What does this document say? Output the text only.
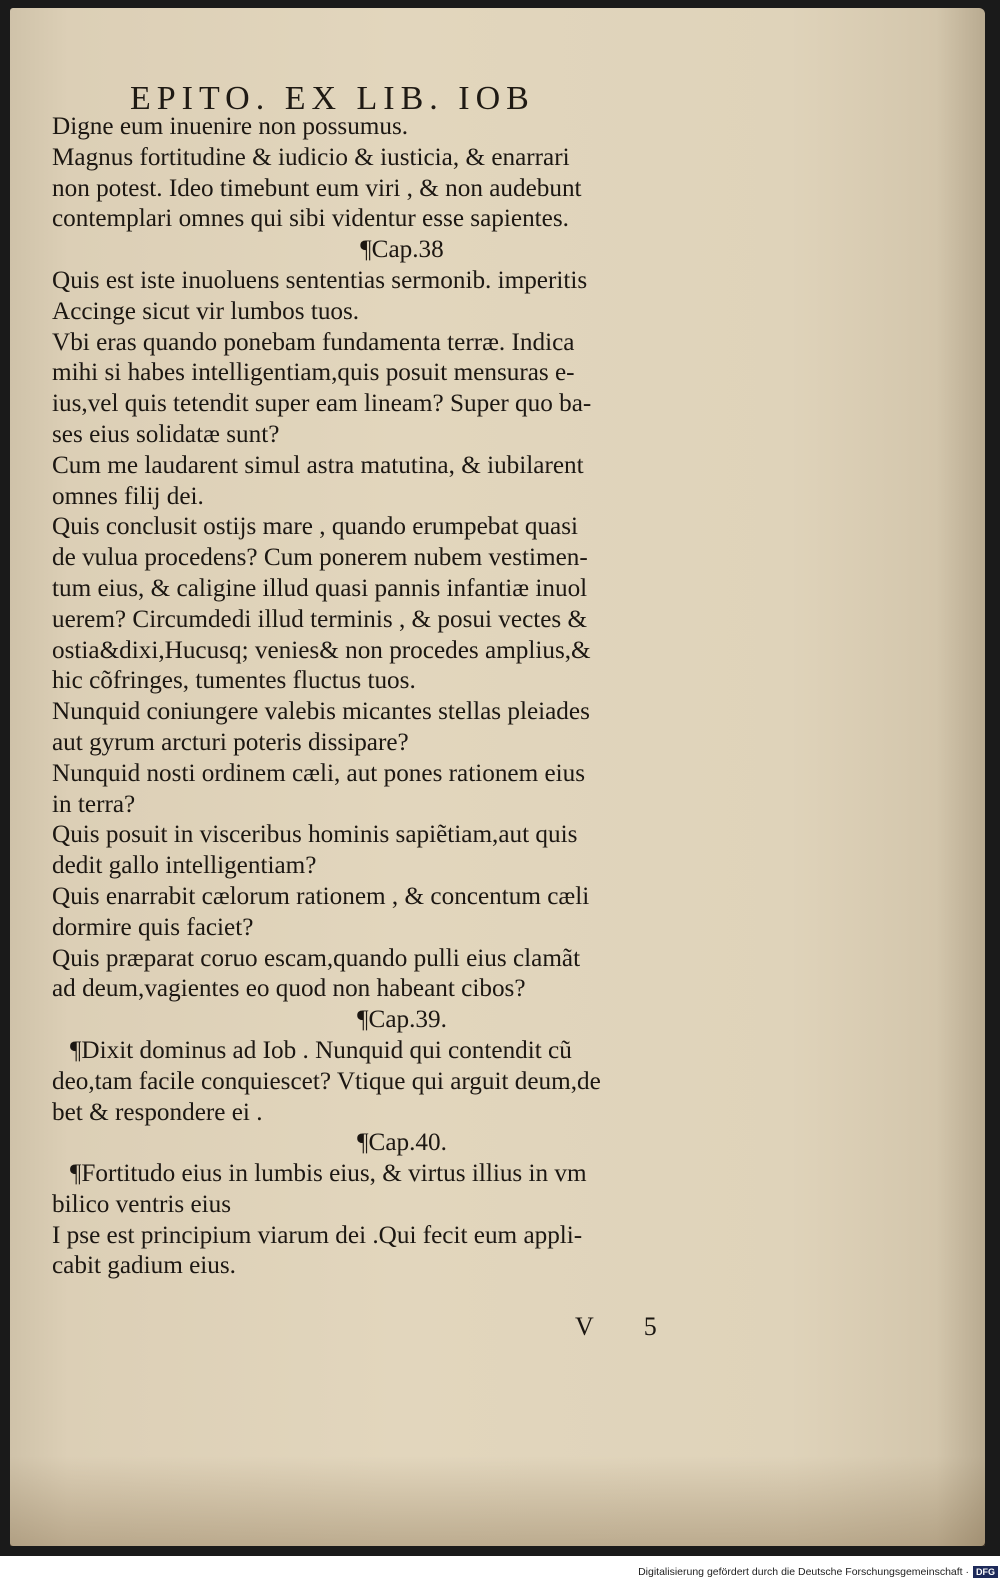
EPITO. EX LIB. IOB
Digne eum inuenire non possumus.
Magnus fortitudine & iudicio & iusticia, & enarrari
non potest. Ideo timebunt eum viri , & non audebunt
contemplari omnes qui sibi videntur esse sapientes.
¶Cap.38
Quis est iste inuoluens sententias sermonib. imperitis
Accinge sicut vir lumbos tuos.
Vbi eras quando ponebam fundamenta terræ. Indica
mihi si habes intelligentiam,quis posuit mensuras e-
ius,vel quis tetendit super eam lineam? Super quo ba-
ses eius solidatæ sunt?
Cum me laudarent simul astra matutina, & iubilarent
omnes filij dei.
Quis conclusit ostijs mare , quando erumpebat quasi
de vulua procedens? Cum ponerem nubem vestimen-
tum eius, & caligine illud quasi pannis infantiæ inuol
uerem? Circumdedi illud terminis , & posui vectes &
ostia&dixi,Hucusq; venies& non procedes amplius,&
hic cõfringes, tumentes fluctus tuos.
Nunquid coniungere valebis micantes stellas pleiades
aut gyrum arcturi poteris dissipare?
Nunquid nosti ordinem cæli, aut pones rationem eius
in terra?
Quis posuit in visceribus hominis sapiẽtiam,aut quis
dedit gallo intelligentiam?
Quis enarrabit cælorum rationem , & concentum cæli
dormire quis faciet?
Quis præparat coruo escam,quando pulli eius clamãt
ad deum,vagientes eo quod non habeant cibos?
¶Cap.39.
¶Dixit dominus ad Iob . Nunquid qui contendit cũ
deo,tam facile conquiescet? Vtique qui arguit deum,de
bet & respondere ei .
¶Cap.40.
¶Fortitudo eius in lumbis eius, & virtus illius in vm
bilico ventris eius
I pse est principium viarum dei .Qui fecit eum appli-
cabit gadium eius.
V 5
Digitalisierung gefördert durch die Deutsche Forschungsgemeinschaft · DFG
